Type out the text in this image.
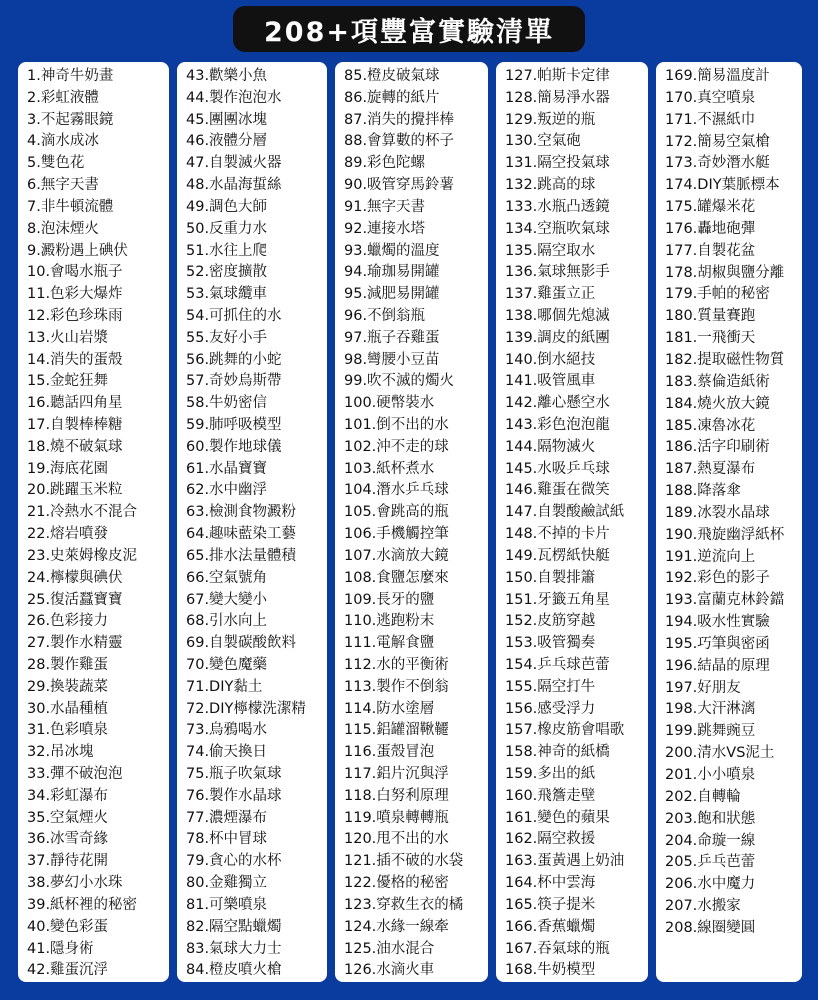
208+項豐富實驗清單
1.神奇牛奶畫
2.彩虹液體
3.不起霧眼鏡
4.滴水成冰
5.雙色花
6.無字天書
7.非牛頓流體
8.泡沫煙火
9.澱粉遇上碘伏
10.會喝水瓶子
11.色彩大爆炸
12.彩色珍珠雨
13.火山岩漿
14.消失的蛋殼
15.金蛇狂舞
16.聽話四角星
17.自製棒棒糖
18.燒不破氣球
19.海底花園
20.跳躍玉米粒
21.冷熱水不混合
22.熔岩噴發
23.史萊姆橡皮泥
24.檸檬與碘伏
25.復活蠶寶寶
26.色彩接力
27.製作水精靈
28.製作雞蛋
29.換裝蔬菜
30.水晶種植
31.色彩噴泉
32.吊冰塊
33.彈不破泡泡
34.彩虹瀑布
35.空氣煙火
36.冰雪奇緣
37.靜待花開
38.夢幻小水珠
39.紙杯裡的秘密
40.變色彩蛋
41.隱身術
42.雞蛋沉浮
43.歡樂小魚
44.製作泡泡水
45.團團冰塊
46.液體分層
47.自製滅火器
48.水晶海蜇絲
49.調色大師
50.反重力水
51.水往上爬
52.密度擴散
53.氣球纜車
54.可抓住的水
55.友好小手
56.跳舞的小蛇
57.奇妙烏斯帶
58.牛奶密信
59.肺呼吸模型
60.製作地球儀
61.水晶寶寶
62.水中幽浮
63.檢測食物澱粉
64.趣味藍染工藝
65.排水法量體積
66.空氣號角
67.變大變小
68.引水向上
69.自製碳酸飲料
70.變色魔藥
71.DIY黏土
72.DIY檸檬洗潔精
73.烏鴉喝水
74.偷天換日
75.瓶子吹氣球
76.製作水晶球
77.濃煙瀑布
78.杯中冒球
79.貪心的水杯
80.金雞獨立
81.可樂噴泉
82.隔空點蠟燭
83.氣球大力士
84.橙皮噴火槍
85.橙皮破氣球
86.旋轉的紙片
87.消失的攪拌棒
88.會算數的杯子
89.彩色陀螺
90.吸管穿馬鈴薯
91.無字天書
92.連接水塔
93.蠟燭的溫度
94.瑜珈易開罐
95.減肥易開罐
96.不倒翁瓶
97.瓶子吞雞蛋
98.彎腰小豆苗
99.吹不滅的燭火
100.硬幣裝水
101.倒不出的水
102.沖不走的球
103.紙杯煮水
104.潛水乒乓球
105.會跳高的瓶
106.手機觸控筆
107.水滴放大鏡
108.食鹽怎麼來
109.長牙的鹽
110.逃跑粉末
111.電解食鹽
112.水的平衡術
113.製作不倒翁
114.防水塗層
115.鋁罐溜鞦韆
116.蛋殼冒泡
117.鋁片沉與浮
118.白努利原理
119.噴泉轉轉瓶
120.甩不出的水
121.插不破的水袋
122.優格的秘密
123.穿救生衣的橘
124.水緣一線牽
125.油水混合
126.水滴火車
127.帕斯卡定律
128.簡易淨水器
129.叛逆的瓶
130.空氣砲
131.隔空投氣球
132.跳高的球
133.水瓶凸透鏡
134.空瓶吹氣球
135.隔空取水
136.氣球無影手
137.雞蛋立正
138.哪個先熄滅
139.調皮的紙團
140.倒水絕技
141.吸管風車
142.離心懸空水
143.彩色泡泡龍
144.隔物滅火
145.水吸乒乓球
146.雞蛋在微笑
147.自製酸鹼試紙
148.不掉的卡片
149.瓦楞紙快艇
150.自製排簫
151.牙籤五角星
152.皮筋穿越
153.吸管獨奏
154.乒乓球芭蕾
155.隔空打牛
156.感受浮力
157.橡皮筋會唱歌
158.神奇的紙橋
159.多出的紙
160.飛簷走壁
161.變色的蘋果
162.隔空救援
163.蛋黃遇上奶油
164.杯中雲海
165.筷子提米
166.香蕉蠟燭
167.吞氣球的瓶
168.牛奶模型
169.簡易溫度計
170.真空噴泉
171.不濕紙巾
172.簡易空氣槍
173.奇妙潛水艇
174.DIY葉脈標本
175.罐爆米花
176.轟地砲彈
177.自製花盆
178.胡椒與鹽分離
179.手帕的秘密
180.質量賽跑
181.一飛衝天
182.提取磁性物質
183.蔡倫造紙術
184.燒火放大鏡
185.凍魯冰花
186.活字印刷術
187.熱夏瀑布
188.降落傘
189.冰裂水晶球
190.飛旋幽浮紙杯
191.逆流向上
192.彩色的影子
193.富蘭克林鈴鐺
194.吸水性實驗
195.巧筆與密函
196.結晶的原理
197.好朋友
198.大汗淋漓
199.跳舞豌豆
200.清水VS泥土
201.小小噴泉
202.自轉輪
203.飽和狀態
204.命璇一線
205.乒乓芭蕾
206.水中魔力
207.水搬家
208.線圈變圓
